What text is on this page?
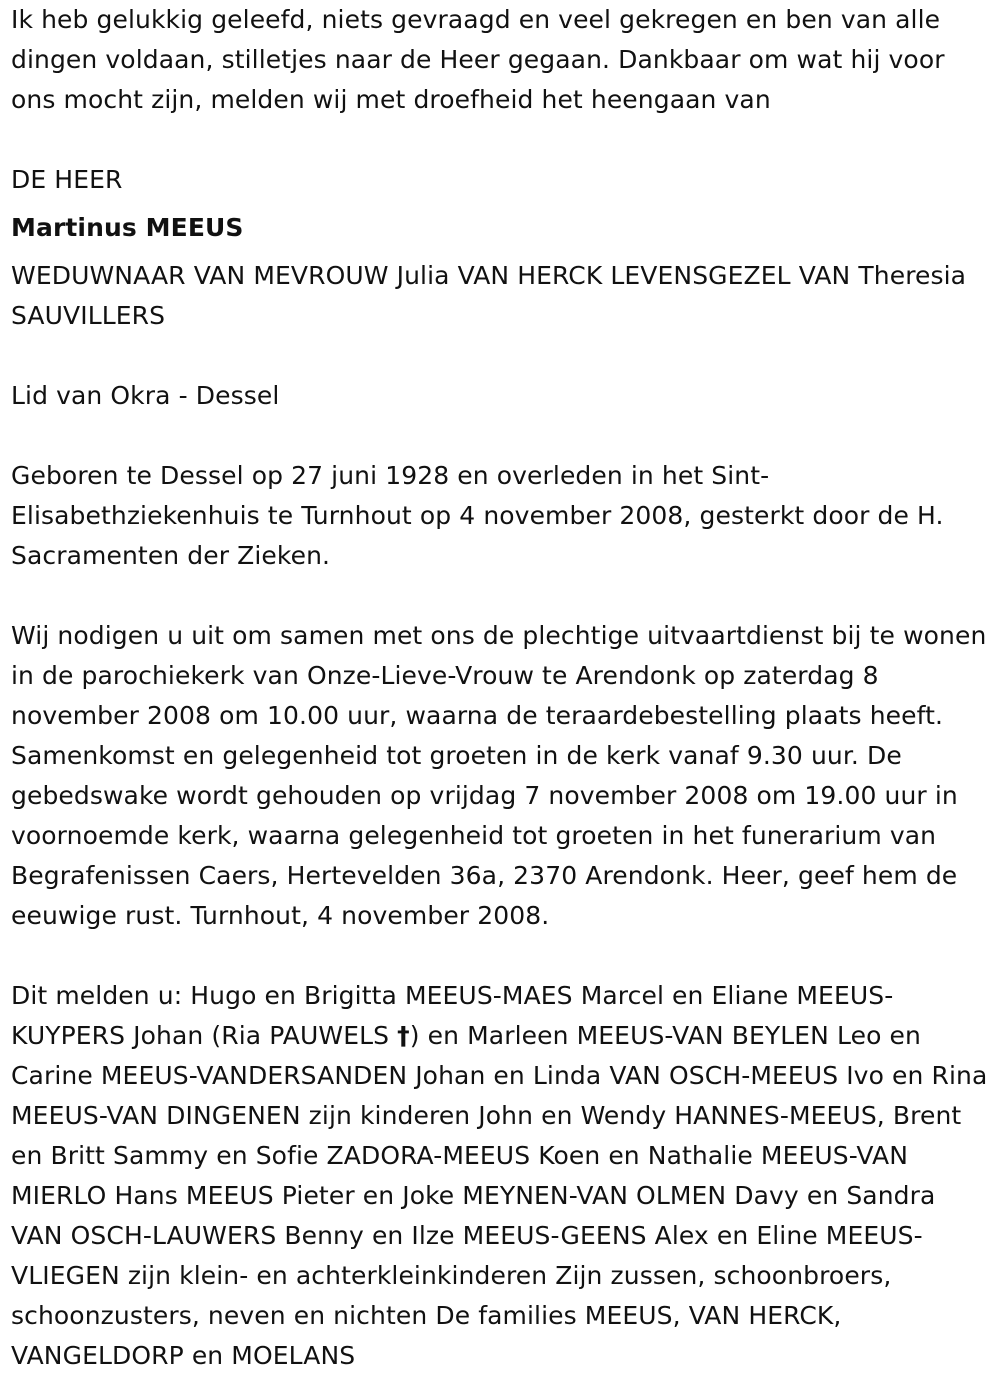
Ik heb gelukkig geleefd, niets gevraagd en veel gekregen en ben van alle dingen voldaan, stilletjes naar de Heer gegaan. Dankbaar om wat hij voor ons mocht zijn, melden wij met droefheid het heengaan van

DE HEER

Martinus MEEUS

WEDUWNAAR VAN MEVROUW Julia VAN HERCK LEVENSGEZEL VAN Theresia SAUVILLERS

Lid van Okra - Dessel

Geboren te Dessel op 27 juni 1928 en overleden in het Sint-Elisabethziekenhuis te Turnhout op 4 november 2008, gesterkt door de H. Sacramenten der Zieken.

Wij nodigen u uit om samen met ons de plechtige uitvaartdienst bij te wonen in de parochiekerk van Onze-Lieve-Vrouw te Arendonk op zaterdag 8 november 2008 om 10.00 uur, waarna de teraardebestelling plaats heeft. Samenkomst en gelegenheid tot groeten in de kerk vanaf 9.30 uur. De gebedswake wordt gehouden op vrijdag 7 november 2008 om 19.00 uur in voornoemde kerk, waarna gelegenheid tot groeten in het funerarium van Begrafenissen Caers, Hertevelden 36a, 2370 Arendonk. Heer, geef hem de eeuwige rust. Turnhout, 4 november 2008.

Dit melden u: Hugo en Brigitta MEEUS-MAES Marcel en Eliane MEEUS-KUYPERS Johan (Ria PAUWELS †) en Marleen MEEUS-VAN BEYLEN Leo en Carine MEEUS-VANDERSANDEN Johan en Linda VAN OSCH-MEEUS Ivo en Rina MEEUS-VAN DINGENEN zijn kinderen John en Wendy HANNES-MEEUS, Brent en Britt Sammy en Sofie ZADORA-MEEUS Koen en Nathalie MEEUS-VAN MIERLO Hans MEEUS Pieter en Joke MEYNEN-VAN OLMEN Davy en Sandra VAN OSCH-LAUWERS Benny en Ilze MEEUS-GEENS Alex en Eline MEEUS-VLIEGEN zijn klein- en achterkleinkinderen Zijn zussen, schoonbroers, schoonzusters, neven en nichten De families MEEUS, VAN HERCK, VANGELDORP en MOELANS
